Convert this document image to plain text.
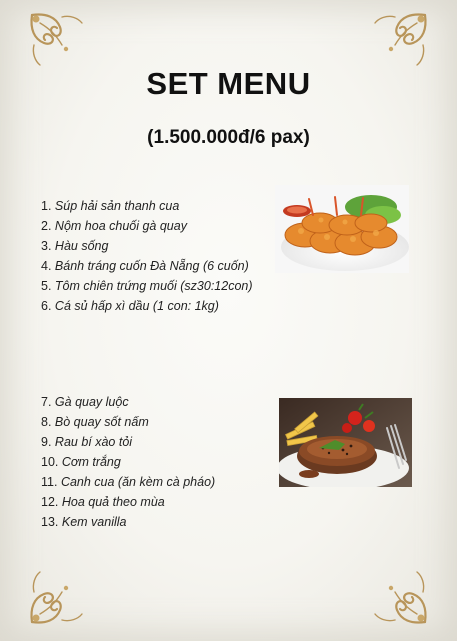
SET MENU
(1.500.000đ/6 pax)
1. Súp hải sản thanh cua
2. Nộm hoa chuối gà quay
3. Hàu sống
4. Bánh tráng cuốn Đà Nẵng (6 cuốn)
5. Tôm chiên trứng muối (sz30:12con)
6. Cá sủ hấp xì dầu (1 con: 1kg)
7. Gà quay luộc
8. Bò quay sốt nấm
9. Rau bí xào tỏi
10. Cơm trắng
11. Canh cua (ăn kèm cà pháo)
12. Hoa quả theo mùa
13. Kem vanilla
